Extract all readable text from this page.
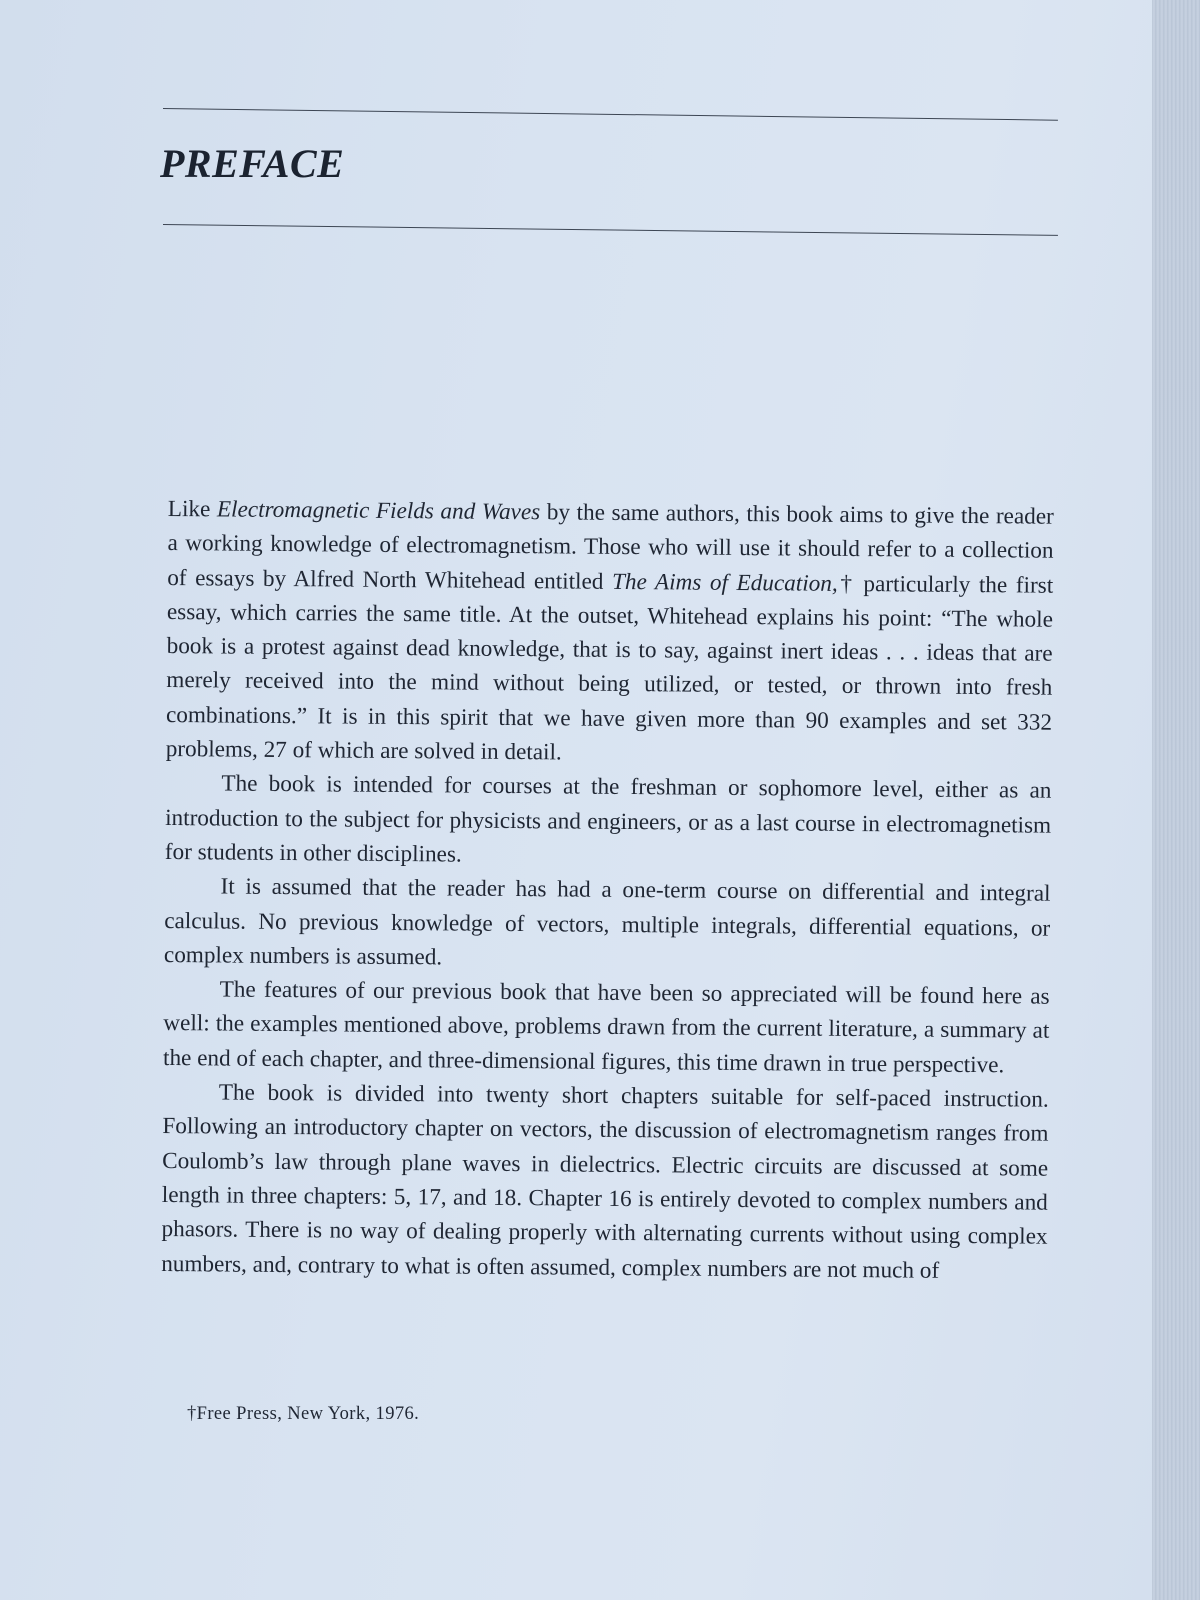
PREFACE

Like Electromagnetic Fields and Waves by the same authors, this book aims to give the reader a working knowledge of electromagnetism. Those who will use it should refer to a collection of essays by Alfred North Whitehead entitled The Aims of Education,† particularly the first essay, which carries the same title. At the outset, Whitehead explains his point: “The whole book is a protest against dead knowledge, that is to say, against inert ideas . . . ideas that are merely received into the mind without being utilized, or tested, or thrown into fresh combinations.” It is in this spirit that we have given more than 90 examples and set 332 problems, 27 of which are solved in detail.

The book is intended for courses at the freshman or sophomore level, either as an introduction to the subject for physicists and engineers, or as a last course in electromagnetism for students in other disciplines.

It is assumed that the reader has had a one-term course on differential and integral calculus. No previous knowledge of vectors, multiple integrals, differential equations, or complex numbers is assumed.

The features of our previous book that have been so appreciated will be found here as well: the examples mentioned above, problems drawn from the current literature, a summary at the end of each chapter, and three-dimensional figures, this time drawn in true perspective.

The book is divided into twenty short chapters suitable for self-paced instruction. Following an introductory chapter on vectors, the discussion of electromagnetism ranges from Coulomb’s law through plane waves in dielectrics. Electric circuits are discussed at some length in three chapters: 5, 17, and 18. Chapter 16 is entirely devoted to complex numbers and phasors. There is no way of dealing properly with alternating currents without using complex numbers, and, contrary to what is often assumed, complex numbers are not much of

†Free Press, New York, 1976.
